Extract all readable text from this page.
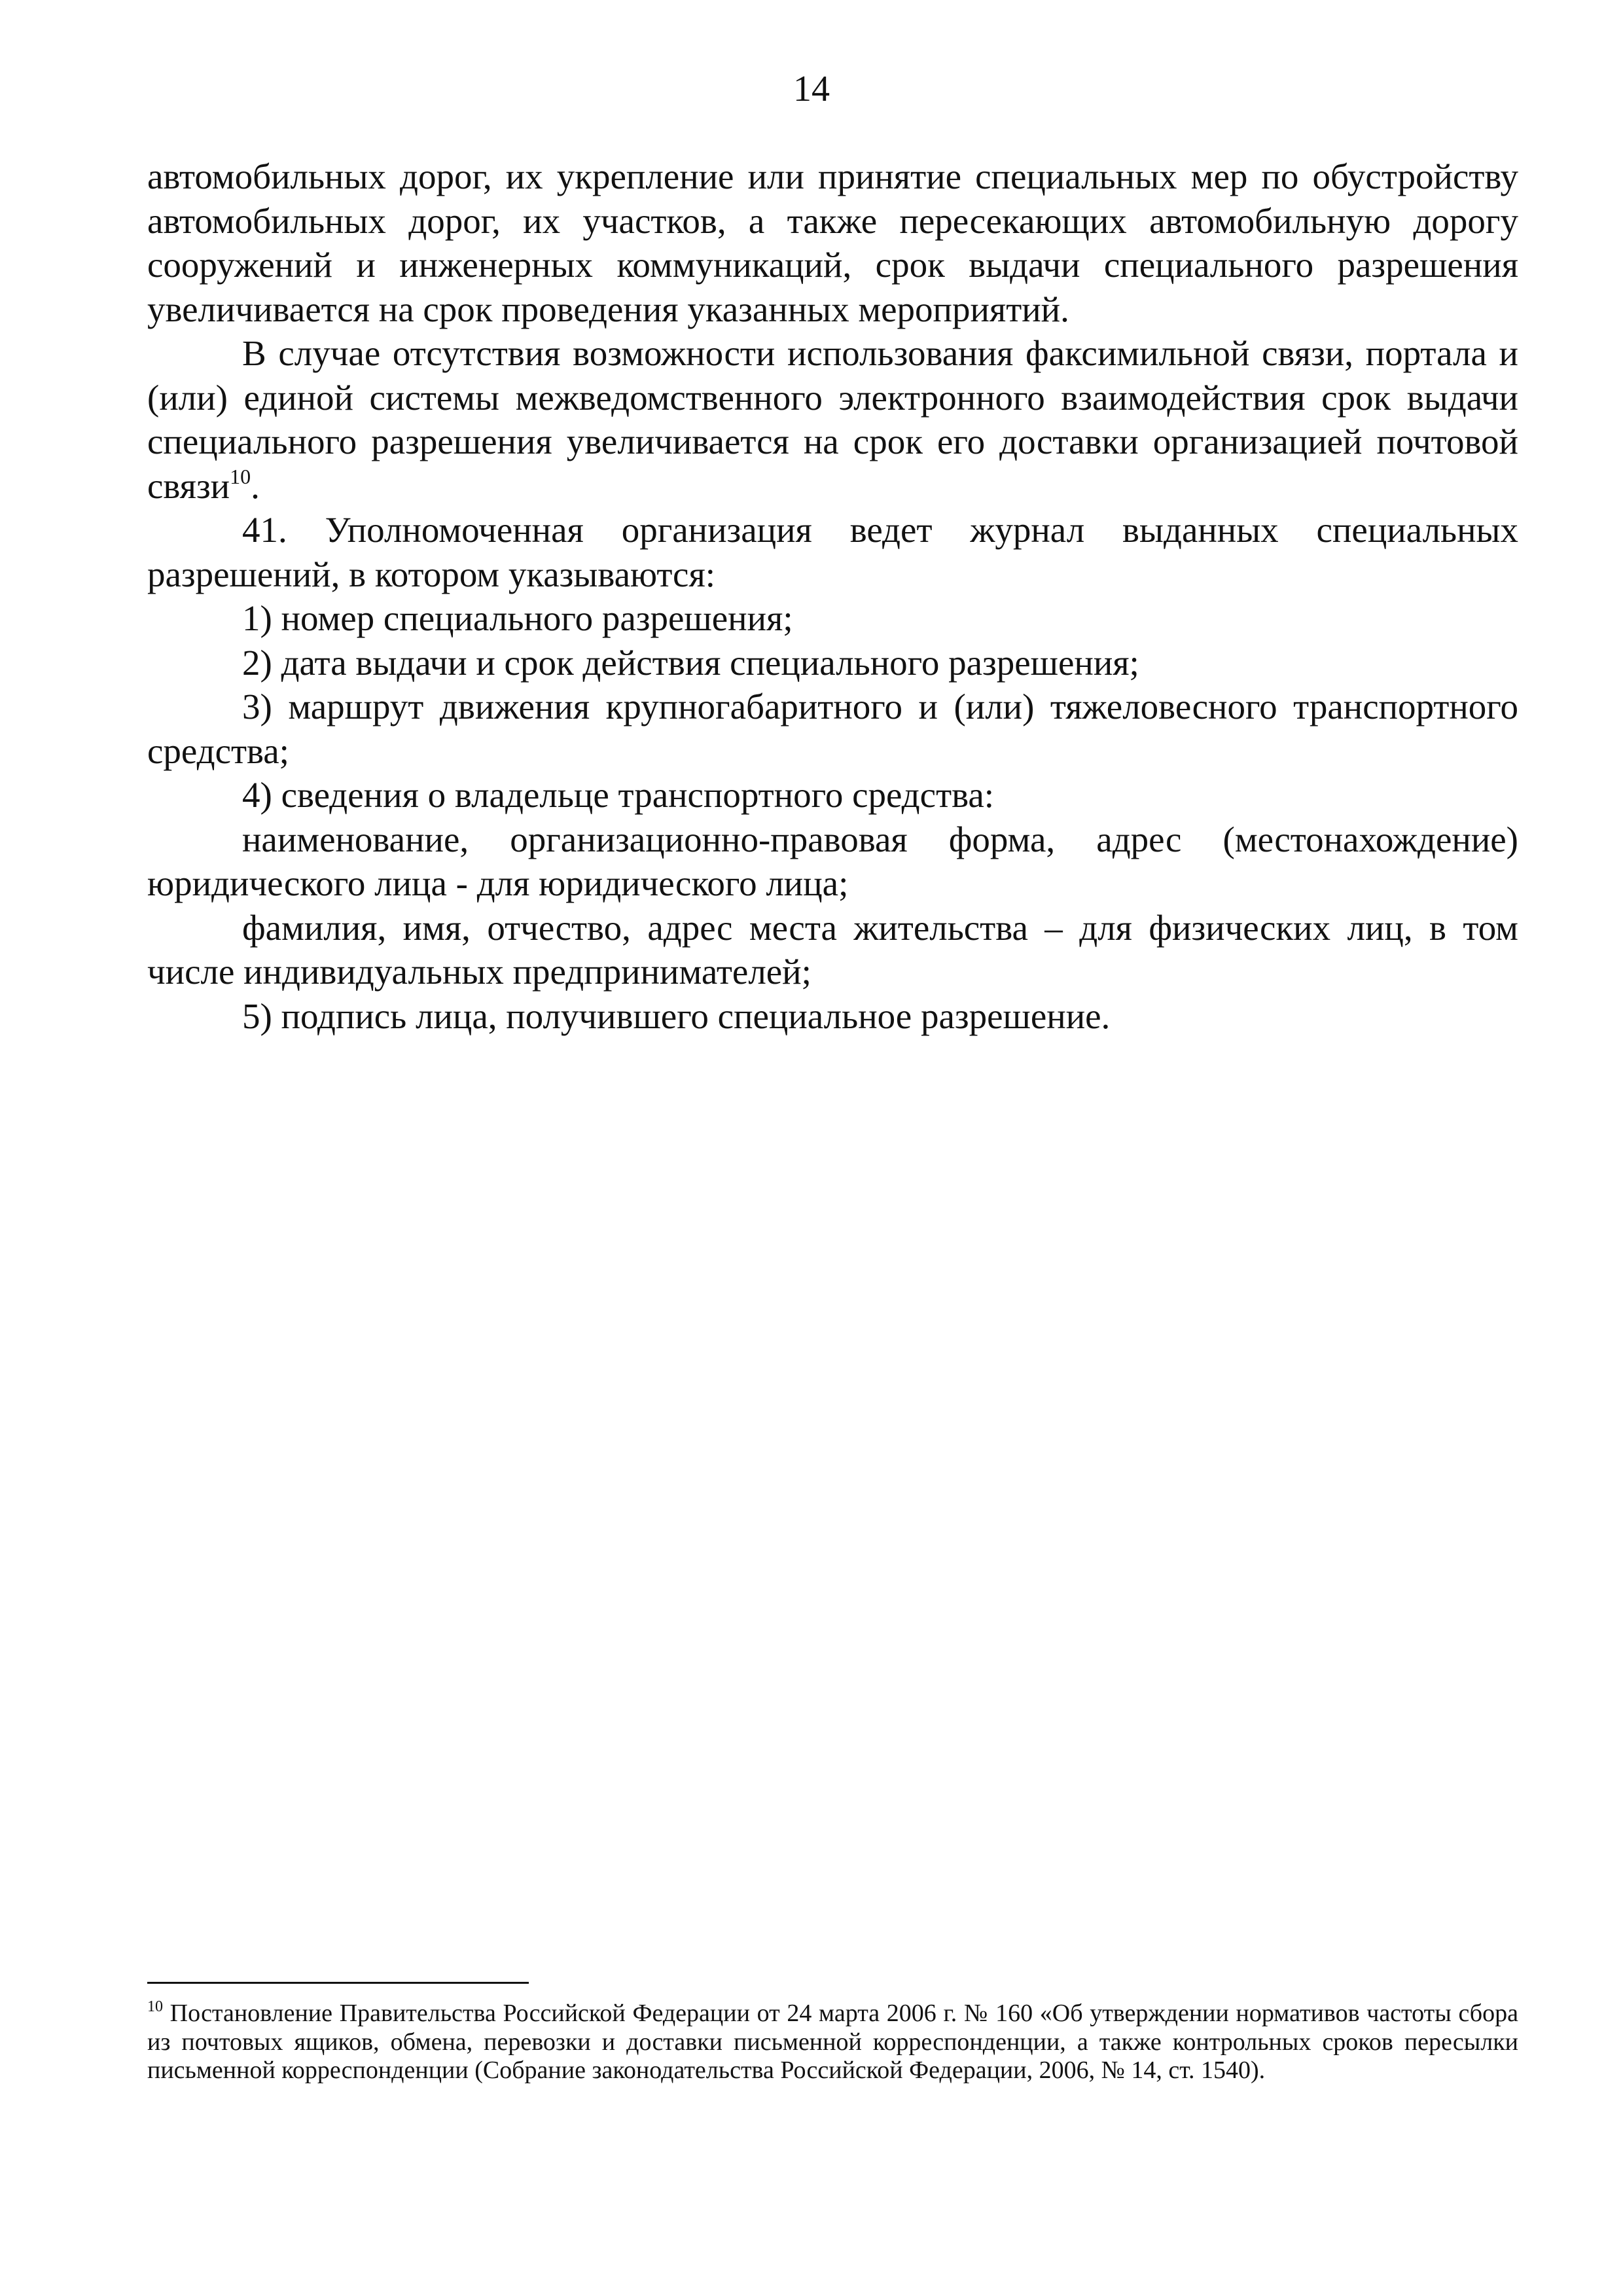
14

автомобильных дорог, их укрепление или принятие специальных мер по обустройству автомобильных дорог, их участков, а также пересекающих автомобильную дорогу сооружений и инженерных коммуникаций, срок выдачи специального разрешения увеличивается на срок проведения указанных мероприятий.

В случае отсутствия возможности использования факсимильной связи, портала и (или) единой системы межведомственного электронного взаимодействия срок выдачи специального разрешения увеличивается на срок его доставки организацией почтовой связи$^{10}$.

41. Уполномоченная организация ведет журнал выданных специальных разрешений, в котором указываются:

1) номер специального разрешения;

2) дата выдачи и срок действия специального разрешения;

3) маршрут движения крупногабаритного и (или) тяжеловесного транспортного средства;

4) сведения о владельце транспортного средства:

наименование, организационно-правовая форма, адрес (местонахождение) юридического лица - для юридического лица;

фамилия, имя, отчество, адрес места жительства – для физических лиц, в том числе индивидуальных предпринимателей;

5) подпись лица, получившего специальное разрешение.

$^{10}$ Постановление Правительства Российской Федерации от 24 марта 2006 г. № 160 «Об утверждении нормативов частоты сбора из почтовых ящиков, обмена, перевозки и доставки письменной корреспонденции, а также контрольных сроков пересылки письменной корреспонденции (Собрание законодательства Российской Федерации, 2006, № 14, ст. 1540).
